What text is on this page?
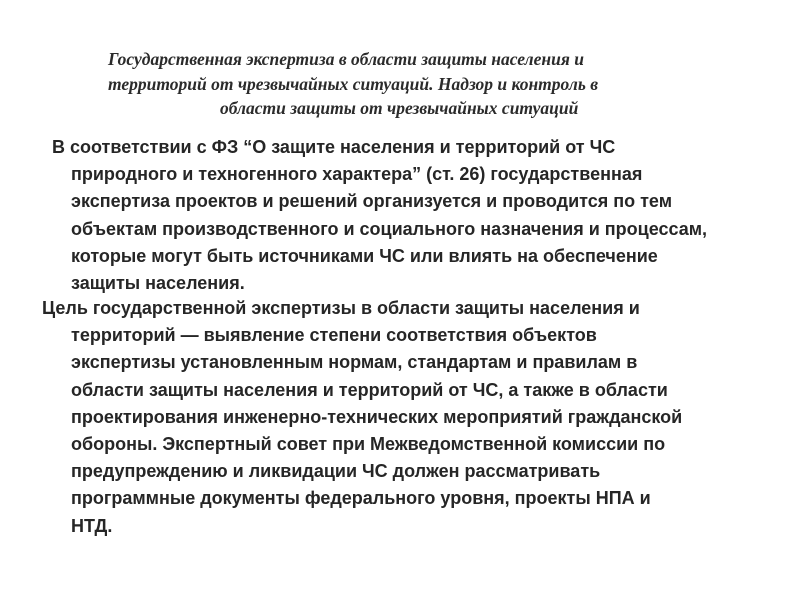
Государственная экспертиза в области защиты населения и
территорий от чрезвычайных ситуаций. Надзор и контроль в
области защиты от чрезвычайных ситуаций
В соответствии с ФЗ “О защите населения и территорий от ЧС
природного и техногенного характера” (ст. 26) государственная
экспертиза проектов и решений организуется и проводится по тем
объектам производственного и социального назначения и процессам,
которые могут быть источниками ЧС или влиять на обеспечение
защиты населения.
Цель государственной экспертизы в области защиты населения и
территорий — выявление степени соответствия объектов
экспертизы установленным нормам, стандартам и правилам в
области защиты населения и территорий от ЧС, а также в области
проектирования инженерно-технических мероприятий гражданской
обороны. Экспертный совет при Межведомственной комиссии по
предупреждению и ликвидации ЧС должен рассматривать
программные документы федерального уровня, проекты НПА и
НТД.
